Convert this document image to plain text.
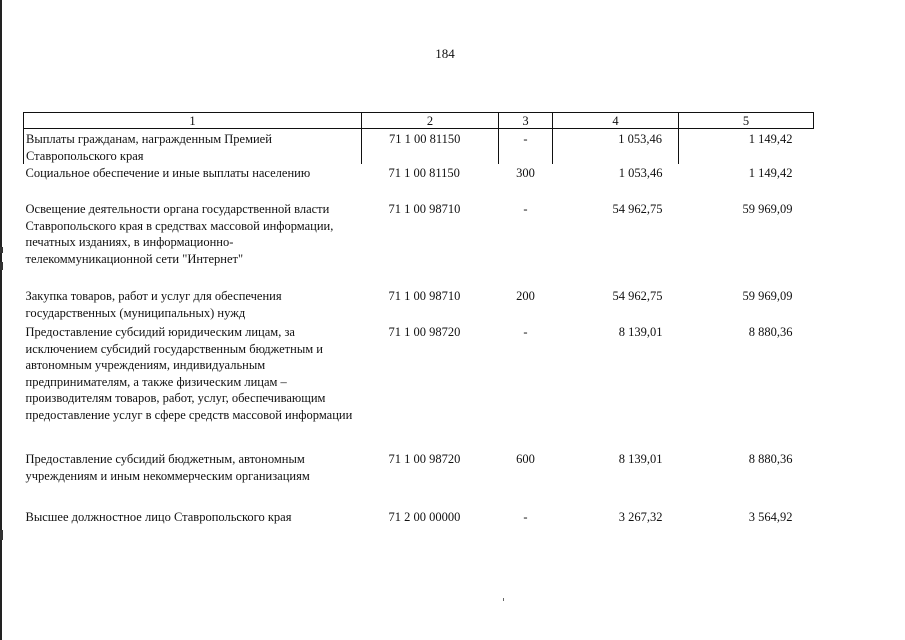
184
1	2	3	4	5
Выплаты гражданам, награжденным Премией Ставропольского края	71 1 00 81150	-	1 053,46	1 149,42
Социальное обеспечение и иные выплаты населению	71 1 00 81150	300	1 053,46	1 149,42
Освещение деятельности органа государственной власти Ставропольского края в средствах массовой информации, печатных изданиях, в информационно-телекоммуникационной сети "Интернет"	71 1 00 98710	-	54 962,75	59 969,09
Закупка товаров, работ и услуг для обеспечения государственных (муниципальных) нужд	71 1 00 98710	200	54 962,75	59 969,09
Предоставление субсидий юридическим лицам, за исключением субсидий государственным бюджетным и автономным учреждениям, индивидуальным предпринимателям, а также физическим лицам – производителям товаров, работ, услуг, обеспечивающим предоставление услуг в сфере средств массовой информации	71 1 00 98720	-	8 139,01	8 880,36
Предоставление субсидий бюджетным, автономным учреждениям и иным некоммерческим организациям	71 1 00 98720	600	8 139,01	8 880,36
Высшее должностное лицо Ставропольского края	71 2 00 00000	-	3 267,32	3 564,92
